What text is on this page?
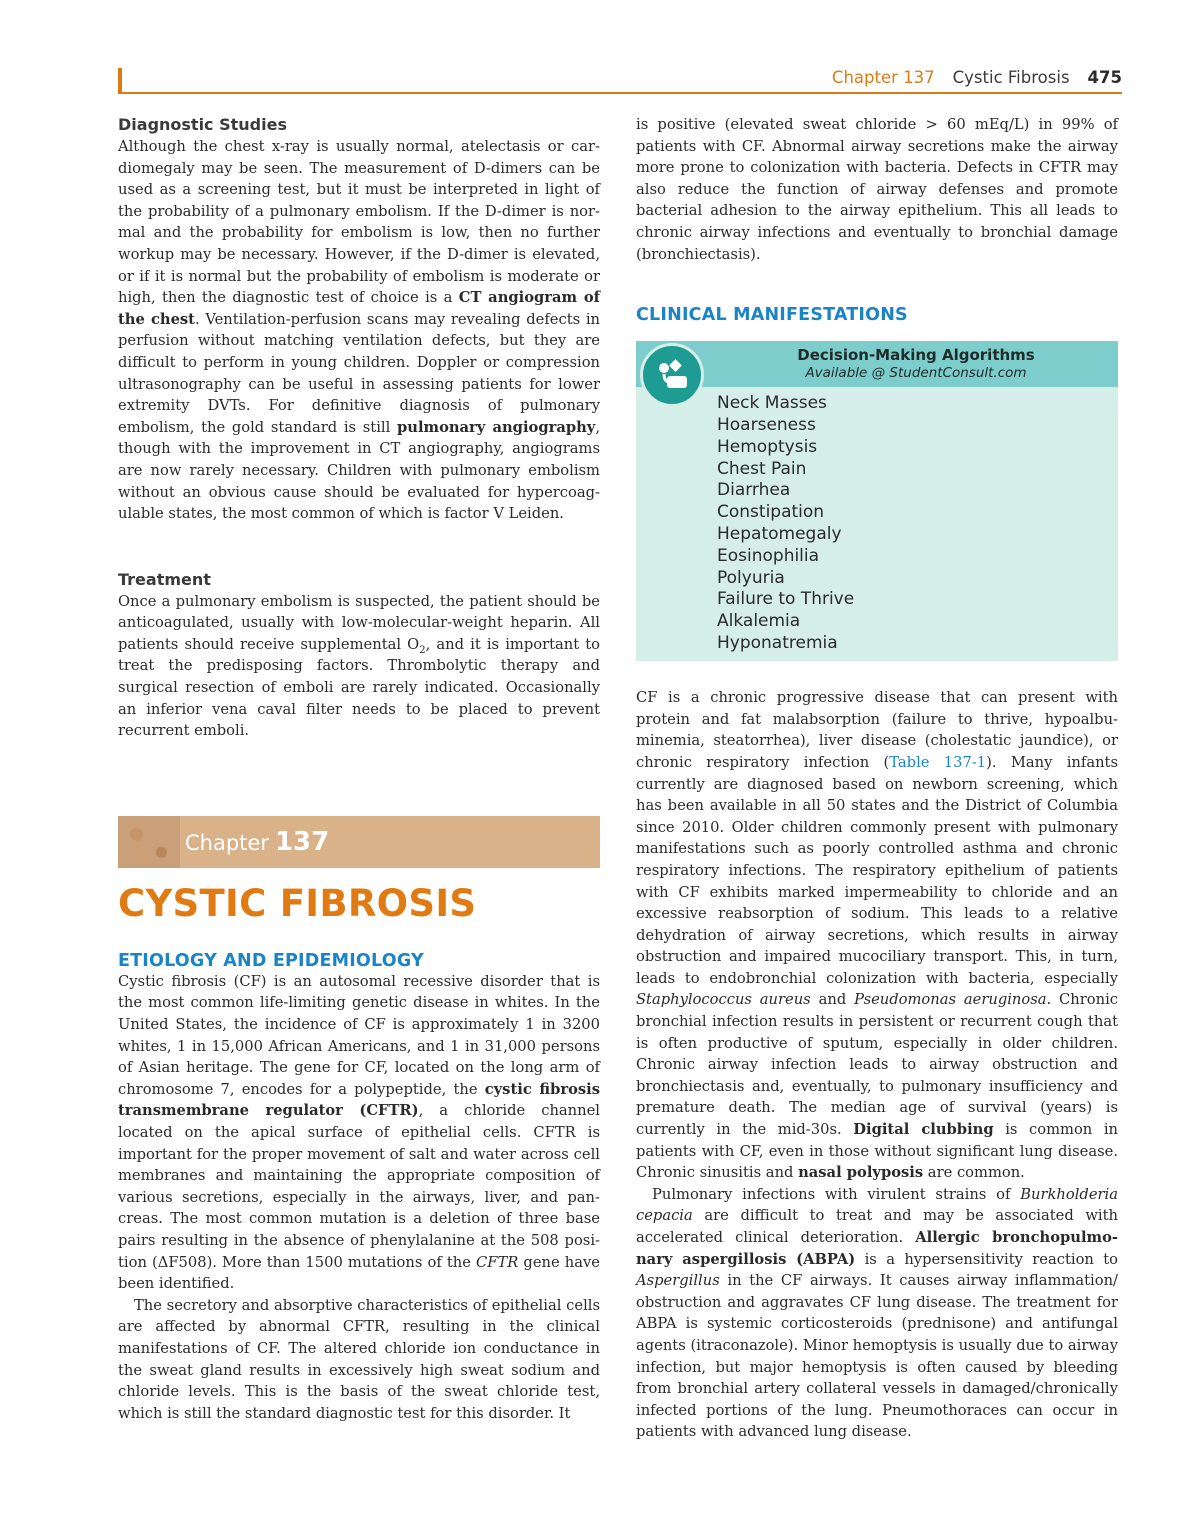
Chapter 137 Cystic Fibrosis 475
Diagnostic Studies

Although the chest x-ray is usually normal, atelectasis or cardiomegaly may be seen. The measurement of D-dimers can be used as a screening test, but it must be interpreted in light of the probability of a pulmonary embolism. If the D-dimer is normal and the probability for embolism is low, then no further workup may be necessary. However, if the D-dimer is elevated, or if it is normal but the probability of embolism is moderate or high, then the diagnostic test of choice is a CT angiogram of the chest. Ventilation-perfusion scans may revealing defects in perfusion without matching ventilation defects, but they are difficult to perform in young children. Doppler or compression ultrasonography can be useful in assessing patients for lower extremity DVTs. For definitive diagnosis of pulmonary embolism, the gold standard is still pulmonary angiography, though with the improvement in CT angiography, angiograms are now rarely necessary. Children with pulmonary embolism without an obvious cause should be evaluated for hypercoagulable states, the most common of which is factor V Leiden.

Treatment

Once a pulmonary embolism is suspected, the patient should be anticoagulated, usually with low-molecular-weight heparin. All patients should receive supplemental $O_2$, and it is important to treat the predisposing factors. Thrombolytic therapy and surgical resection of emboli are rarely indicated. Occasionally an inferior vena caval filter needs to be placed to prevent recurrent emboli.

Chapter 137
CYSTIC FIBROSIS
ETIOLOGY AND EPIDEMIOLOGY

Cystic fibrosis (CF) is an autosomal recessive disorder that is the most common life-limiting genetic disease in whites. In the United States, the incidence of CF is approximately 1 in 3200 whites, 1 in 15,000 African Americans, and 1 in 31,000 persons of Asian heritage. The gene for CF, located on the long arm of chromosome 7, encodes for a polypeptide, the cystic fibrosis transmembrane regulator (CFTR), a chloride channel located on the apical surface of epithelial cells. CFTR is important for the proper movement of salt and water across cell membranes and maintaining the appropriate composition of various secretions, especially in the airways, liver, and pancreas. The most common mutation is a deletion of three base pairs resulting in the absence of phenylalanine at the 508 position (ΔF508). More than 1500 mutations of the CFTR gene have been identified.

The secretory and absorptive characteristics of epithelial cells are affected by abnormal CFTR, resulting in the clinical manifestations of CF. The altered chloride ion conductance in the sweat gland results in excessively high sweat sodium and chloride levels. This is the basis of the sweat chloride test, which is still the standard diagnostic test for this disorder. It

is positive (elevated sweat chloride > 60 mEq/L) in 99% of patients with CF. Abnormal airway secretions make the airway more prone to colonization with bacteria. Defects in CFTR may also reduce the function of airway defenses and promote bacterial adhesion to the airway epithelium. This all leads to chronic airway infections and eventually to bronchial damage (bronchiectasis).

CLINICAL MANIFESTATIONS
Decision-Making Algorithms
Available @ StudentConsult.com
Neck Masses
Hoarseness
Hemoptysis
Chest Pain
Diarrhea
Constipation
Hepatomegaly
Eosinophilia
Polyuria
Failure to Thrive
Alkalemia
Hyponatremia

CF is a chronic progressive disease that can present with protein and fat malabsorption (failure to thrive, hypoalbuminemia, steatorrhea), liver disease (cholestatic jaundice), or chronic respiratory infection (Table 137-1). Many infants currently are diagnosed based on newborn screening, which has been available in all 50 states and the District of Columbia since 2010. Older children commonly present with pulmonary manifestations such as poorly controlled asthma and chronic respiratory infections. The respiratory epithelium of patients with CF exhibits marked impermeability to chloride and an excessive reabsorption of sodium. This leads to a relative dehydration of airway secretions, which results in airway obstruction and impaired mucociliary transport. This, in turn, leads to endobronchial colonization with bacteria, especially Staphylococcus aureus and Pseudomonas aeruginosa. Chronic bronchial infection results in persistent or recurrent cough that is often productive of sputum, especially in older children. Chronic airway infection leads to airway obstruction and bronchiectasis and, eventually, to pulmonary insufficiency and premature death. The median age of survival (years) is currently in the mid-30s. Digital clubbing is common in patients with CF, even in those without significant lung disease. Chronic sinusitis and nasal polyposis are common.

Pulmonary infections with virulent strains of Burkholderia cepacia are difficult to treat and may be associated with accelerated clinical deterioration. Allergic bronchopulmonary aspergillosis (ABPA) is a hypersensitivity reaction to Aspergillus in the CF airways. It causes airway inflammation/​obstruction and aggravates CF lung disease. The treatment for ABPA is systemic corticosteroids (prednisone) and antifungal agents (itraconazole). Minor hemoptysis is usually due to airway infection, but major hemoptysis is often caused by bleeding from bronchial artery collateral vessels in damaged/​chronically infected portions of the lung. Pneumothoraces can occur in patients with advanced lung disease.
